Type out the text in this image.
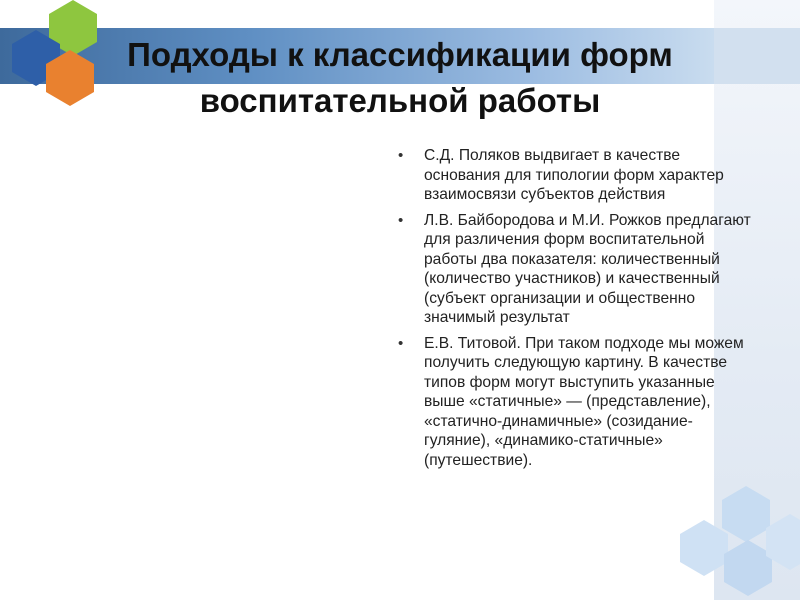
Подходы к классификации форм воспитательной работы
• С.Д. Поляков выдвигает в качестве основания для типологии форм характер взаимосвязи субъектов действия
• Л.В. Байбородова и М.И. Рожков предлагают для различения форм воспитательной работы два показателя: количественный (количество участников) и качественный (субъект организации и общественно значимый результат
• Е.В. Титовой. При таком подходе мы можем получить следующую картину. В качестве типов форм могут выступить указанные выше «статичные» — (представление), «статично-динамичные» (созидание-гуляние), «динамико-статичные» (путешествие).
